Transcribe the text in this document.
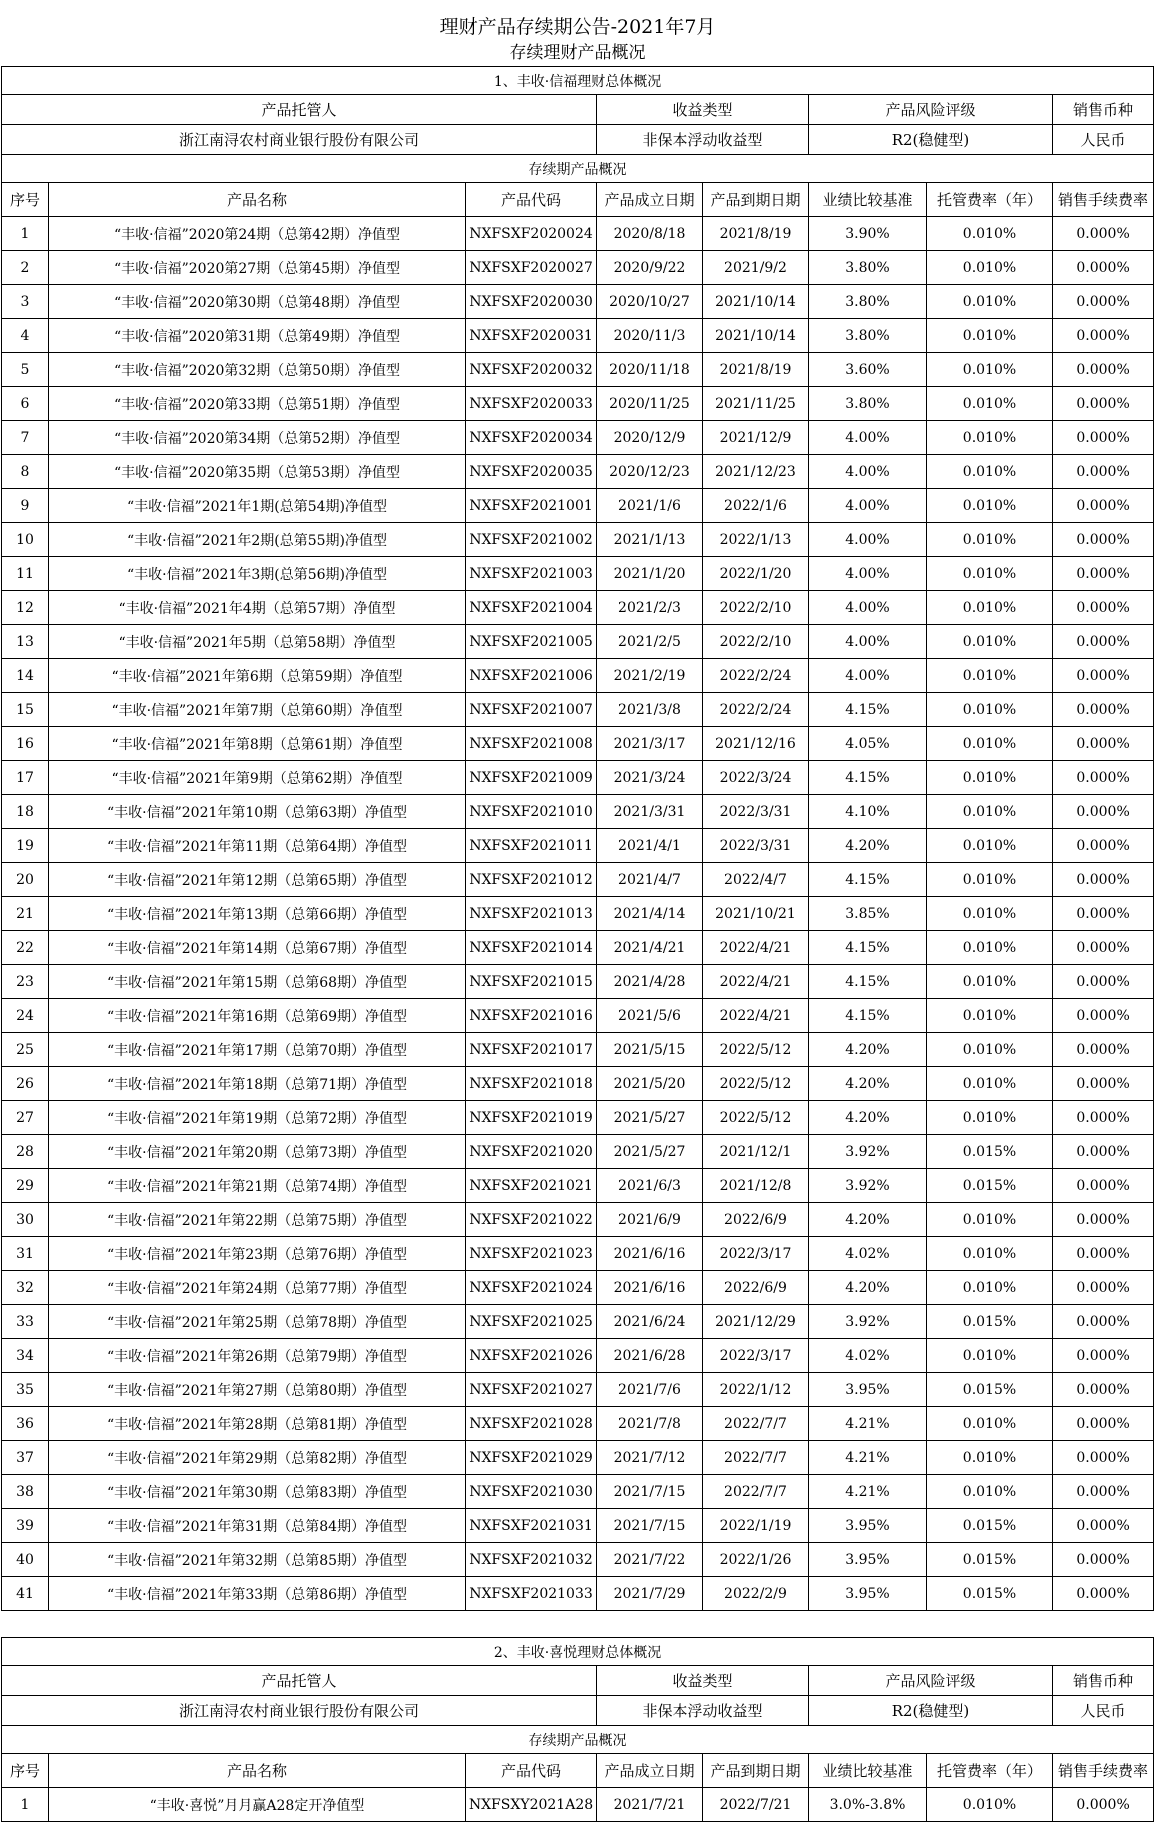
理财产品存续期公告-2021年7月
存续理财产品概况
1、丰收·信福理财总体概况							
产品托管人			收益类型		产品风险评级		销售币种
浙江南浔农村商业银行股份有限公司			非保本浮动收益型		R2(稳健型)		人民币
存续期产品概况							
序号	产品名称	产品代码	产品成立日期	产品到期日期	业绩比较基准	托管费率（年）	销售手续费率
1	“丰收·信福”2020第24期（总第42期）净值型	NXFSXF2020024	2020/8/18	2021/8/19	3.90%	0.010%	0.000%
2	“丰收·信福”2020第27期（总第45期）净值型	NXFSXF2020027	2020/9/22	2021/9/2	3.80%	0.010%	0.000%
3	“丰收·信福”2020第30期（总第48期）净值型	NXFSXF2020030	2020/10/27	2021/10/14	3.80%	0.010%	0.000%
4	“丰收·信福”2020第31期（总第49期）净值型	NXFSXF2020031	2020/11/3	2021/10/14	3.80%	0.010%	0.000%
5	“丰收·信福”2020第32期（总第50期）净值型	NXFSXF2020032	2020/11/18	2021/8/19	3.60%	0.010%	0.000%
6	“丰收·信福”2020第33期（总第51期）净值型	NXFSXF2020033	2020/11/25	2021/11/25	3.80%	0.010%	0.000%
7	“丰收·信福”2020第34期（总第52期）净值型	NXFSXF2020034	2020/12/9	2021/12/9	4.00%	0.010%	0.000%
8	“丰收·信福”2020第35期（总第53期）净值型	NXFSXF2020035	2020/12/23	2021/12/23	4.00%	0.010%	0.000%
9	“丰收·信福”2021年1期(总第54期)净值型	NXFSXF2021001	2021/1/6	2022/1/6	4.00%	0.010%	0.000%
10	“丰收·信福”2021年2期(总第55期)净值型	NXFSXF2021002	2021/1/13	2022/1/13	4.00%	0.010%	0.000%
11	“丰收·信福”2021年3期(总第56期)净值型	NXFSXF2021003	2021/1/20	2022/1/20	4.00%	0.010%	0.000%
12	“丰收·信福”2021年4期（总第57期）净值型	NXFSXF2021004	2021/2/3	2022/2/10	4.00%	0.010%	0.000%
13	“丰收·信福”2021年5期（总第58期）净值型	NXFSXF2021005	2021/2/5	2022/2/10	4.00%	0.010%	0.000%
14	“丰收·信福”2021年第6期（总第59期）净值型	NXFSXF2021006	2021/2/19	2022/2/24	4.00%	0.010%	0.000%
15	“丰收·信福”2021年第7期（总第60期）净值型	NXFSXF2021007	2021/3/8	2022/2/24	4.15%	0.010%	0.000%
16	“丰收·信福”2021年第8期（总第61期）净值型	NXFSXF2021008	2021/3/17	2021/12/16	4.05%	0.010%	0.000%
17	“丰收·信福”2021年第9期（总第62期）净值型	NXFSXF2021009	2021/3/24	2022/3/24	4.15%	0.010%	0.000%
18	“丰收·信福”2021年第10期（总第63期）净值型	NXFSXF2021010	2021/3/31	2022/3/31	4.10%	0.010%	0.000%
19	“丰收·信福”2021年第11期（总第64期）净值型	NXFSXF2021011	2021/4/1	2022/3/31	4.20%	0.010%	0.000%
20	“丰收·信福”2021年第12期（总第65期）净值型	NXFSXF2021012	2021/4/7	2022/4/7	4.15%	0.010%	0.000%
21	“丰收·信福”2021年第13期（总第66期）净值型	NXFSXF2021013	2021/4/14	2021/10/21	3.85%	0.010%	0.000%
22	“丰收·信福”2021年第14期（总第67期）净值型	NXFSXF2021014	2021/4/21	2022/4/21	4.15%	0.010%	0.000%
23	“丰收·信福”2021年第15期（总第68期）净值型	NXFSXF2021015	2021/4/28	2022/4/21	4.15%	0.010%	0.000%
24	“丰收·信福”2021年第16期（总第69期）净值型	NXFSXF2021016	2021/5/6	2022/4/21	4.15%	0.010%	0.000%
25	“丰收·信福”2021年第17期（总第70期）净值型	NXFSXF2021017	2021/5/15	2022/5/12	4.20%	0.010%	0.000%
26	“丰收·信福”2021年第18期（总第71期）净值型	NXFSXF2021018	2021/5/20	2022/5/12	4.20%	0.010%	0.000%
27	“丰收·信福”2021年第19期（总第72期）净值型	NXFSXF2021019	2021/5/27	2022/5/12	4.20%	0.010%	0.000%
28	“丰收·信福”2021年第20期（总第73期）净值型	NXFSXF2021020	2021/5/27	2021/12/1	3.92%	0.015%	0.000%
29	“丰收·信福”2021年第21期（总第74期）净值型	NXFSXF2021021	2021/6/3	2021/12/8	3.92%	0.015%	0.000%
30	“丰收·信福”2021年第22期（总第75期）净值型	NXFSXF2021022	2021/6/9	2022/6/9	4.20%	0.010%	0.000%
31	“丰收·信福”2021年第23期（总第76期）净值型	NXFSXF2021023	2021/6/16	2022/3/17	4.02%	0.010%	0.000%
32	“丰收·信福”2021年第24期（总第77期）净值型	NXFSXF2021024	2021/6/16	2022/6/9	4.20%	0.010%	0.000%
33	“丰收·信福”2021年第25期（总第78期）净值型	NXFSXF2021025	2021/6/24	2021/12/29	3.92%	0.015%	0.000%
34	“丰收·信福”2021年第26期（总第79期）净值型	NXFSXF2021026	2021/6/28	2022/3/17	4.02%	0.010%	0.000%
35	“丰收·信福”2021年第27期（总第80期）净值型	NXFSXF2021027	2021/7/6	2022/1/12	3.95%	0.015%	0.000%
36	“丰收·信福”2021年第28期（总第81期）净值型	NXFSXF2021028	2021/7/8	2022/7/7	4.21%	0.010%	0.000%
37	“丰收·信福”2021年第29期（总第82期）净值型	NXFSXF2021029	2021/7/12	2022/7/7	4.21%	0.010%	0.000%
38	“丰收·信福”2021年第30期（总第83期）净值型	NXFSXF2021030	2021/7/15	2022/7/7	4.21%	0.010%	0.000%
39	“丰收·信福”2021年第31期（总第84期）净值型	NXFSXF2021031	2021/7/15	2022/1/19	3.95%	0.015%	0.000%
40	“丰收·信福”2021年第32期（总第85期）净值型	NXFSXF2021032	2021/7/22	2022/1/26	3.95%	0.015%	0.000%
41	“丰收·信福”2021年第33期（总第86期）净值型	NXFSXF2021033	2021/7/29	2022/2/9	3.95%	0.015%	0.000%
2、丰收·喜悦理财总体概况							
产品托管人			收益类型		产品风险评级		销售币种
浙江南浔农村商业银行股份有限公司			非保本浮动收益型		R2(稳健型)		人民币
存续期产品概况							
序号	产品名称	产品代码	产品成立日期	产品到期日期	业绩比较基准	托管费率（年）	销售手续费率
1	“丰收·喜悦”月月赢A28定开净值型	NXFSXY2021A28	2021/7/21	2022/7/21	3.0%-3.8%	0.010%	0.000%
